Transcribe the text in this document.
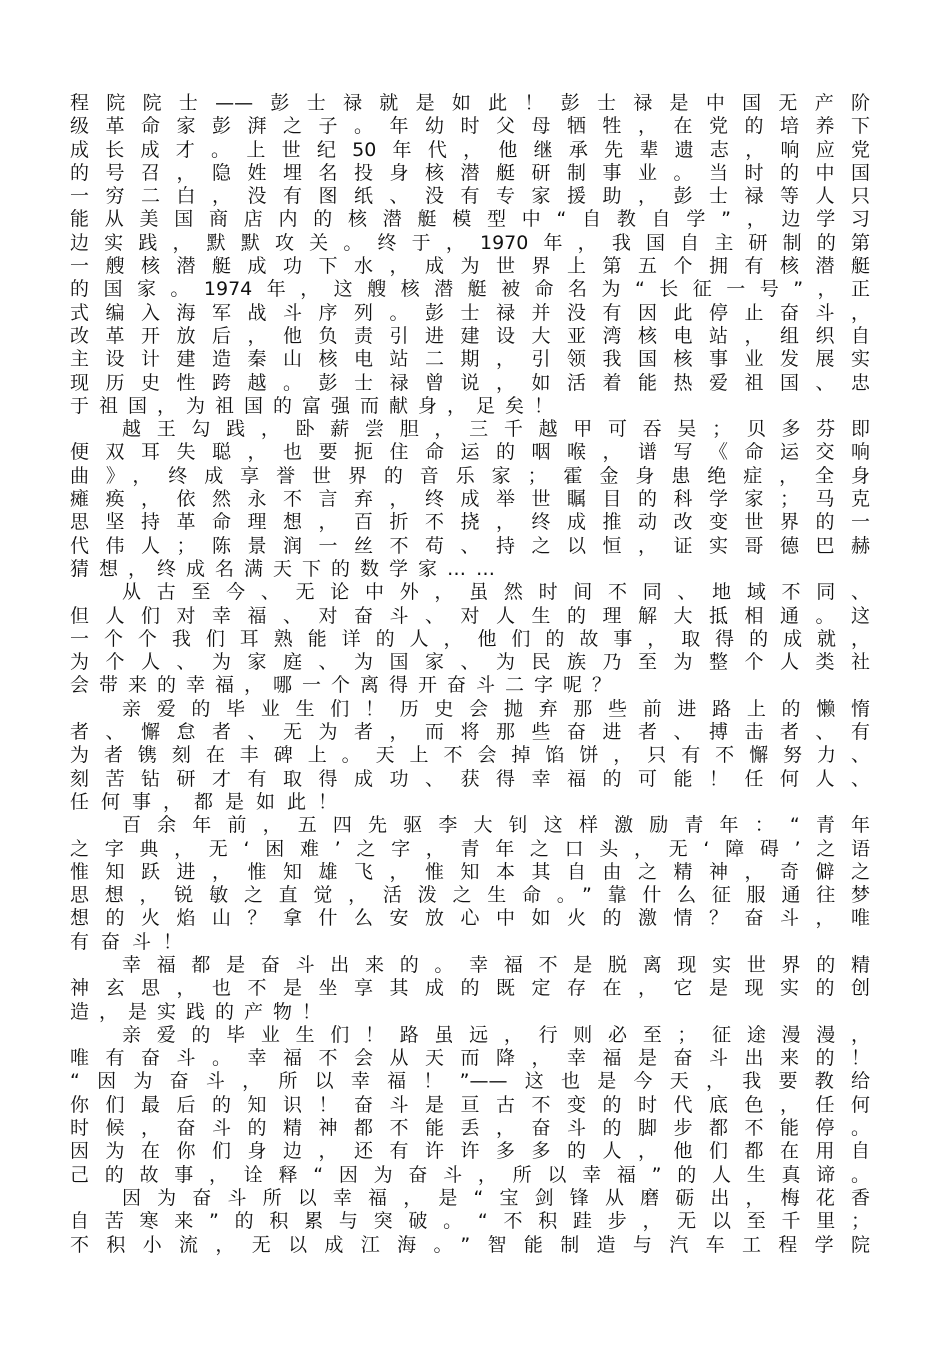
程院院士——彭士禄就是如此！彭士禄是中国无产阶
级革命家彭湃之子。年幼时父母牺牲，在党的培养下
成长成才。上世纪50年代，他继承先辈遗志，响应党
的号召，隐姓埋名投身核潜艇研制事业。当时的中国
一穷二白，没有图纸、没有专家援助，彭士禄等人只
能从美国商店内的核潜艇模型中“自教自学”，边学习
边实践，默默攻关。终于，1970年，我国自主研制的第
一艘核潜艇成功下水，成为世界上第五个拥有核潜艇
的国家。1974年，这艘核潜艇被命名为“长征一号”，正
式编入海军战斗序列。彭士禄并没有因此停止奋斗，
改革开放后，他负责引进建设大亚湾核电站，组织自
主设计建造秦山核电站二期，引领我国核事业发展实
现历史性跨越。彭士禄曾说，如活着能热爱祖国、忠
于祖国，为祖国的富强而献身，足矣！
越王勾践，卧薪尝胆，三千越甲可吞吴；贝多芬即
便双耳失聪，也要扼住命运的咽喉，谱写《命运交响
曲》，终成享誉世界的音乐家；霍金身患绝症，全身
瘫痪，依然永不言弃，终成举世瞩目的科学家；马克
思坚持革命理想，百折不挠，终成推动改变世界的一
代伟人；陈景润一丝不苟、持之以恒，证实哥德巴赫
猜想，终成名满天下的数学家……
从古至今、无论中外，虽然时间不同、地域不同、
但人们对幸福、对奋斗、对人生的理解大抵相通。这
一个个我们耳熟能详的人，他们的故事，取得的成就，
为个人、为家庭、为国家、为民族乃至为整个人类社
会带来的幸福，哪一个离得开奋斗二字呢？
亲爱的毕业生们！历史会抛弃那些前进路上的懒惰
者、懈怠者、无为者，而将那些奋进者、搏击者、有
为者镌刻在丰碑上。天上不会掉馅饼，只有不懈努力、
刻苦钻研才有取得成功、获得幸福的可能！任何人、
任何事，都是如此！
百余年前，五四先驱李大钊这样激励青年：“青年
之字典，无‘困难’之字，青年之口头，无‘障碍’之语
惟知跃进，惟知雄飞，惟知本其自由之精神，奇僻之
思想，锐敏之直觉，活泼之生命。”靠什么征服通往梦
想的火焰山？拿什么安放心中如火的激情？奋斗，唯
有奋斗！
幸福都是奋斗出来的。幸福不是脱离现实世界的精
神玄思，也不是坐享其成的既定存在，它是现实的创
造，是实践的产物！
亲爱的毕业生们！路虽远，行则必至；征途漫漫，
唯有奋斗。幸福不会从天而降，幸福是奋斗出来的！
“因为奋斗，所以幸福！”——这也是今天，我要教给
你们最后的知识！奋斗是亘古不变的时代底色，任何
时候，奋斗的精神都不能丢，奋斗的脚步都不能停。
因为在你们身边，还有许许多多的人，他们都在用自
己的故事，诠释“因为奋斗，所以幸福”的人生真谛。
因为奋斗所以幸福，是“宝剑锋从磨砺出，梅花香
自苦寒来”的积累与突破。“不积跬步，无以至千里；
不积小流，无以成江海。”智能制造与汽车工程学院
